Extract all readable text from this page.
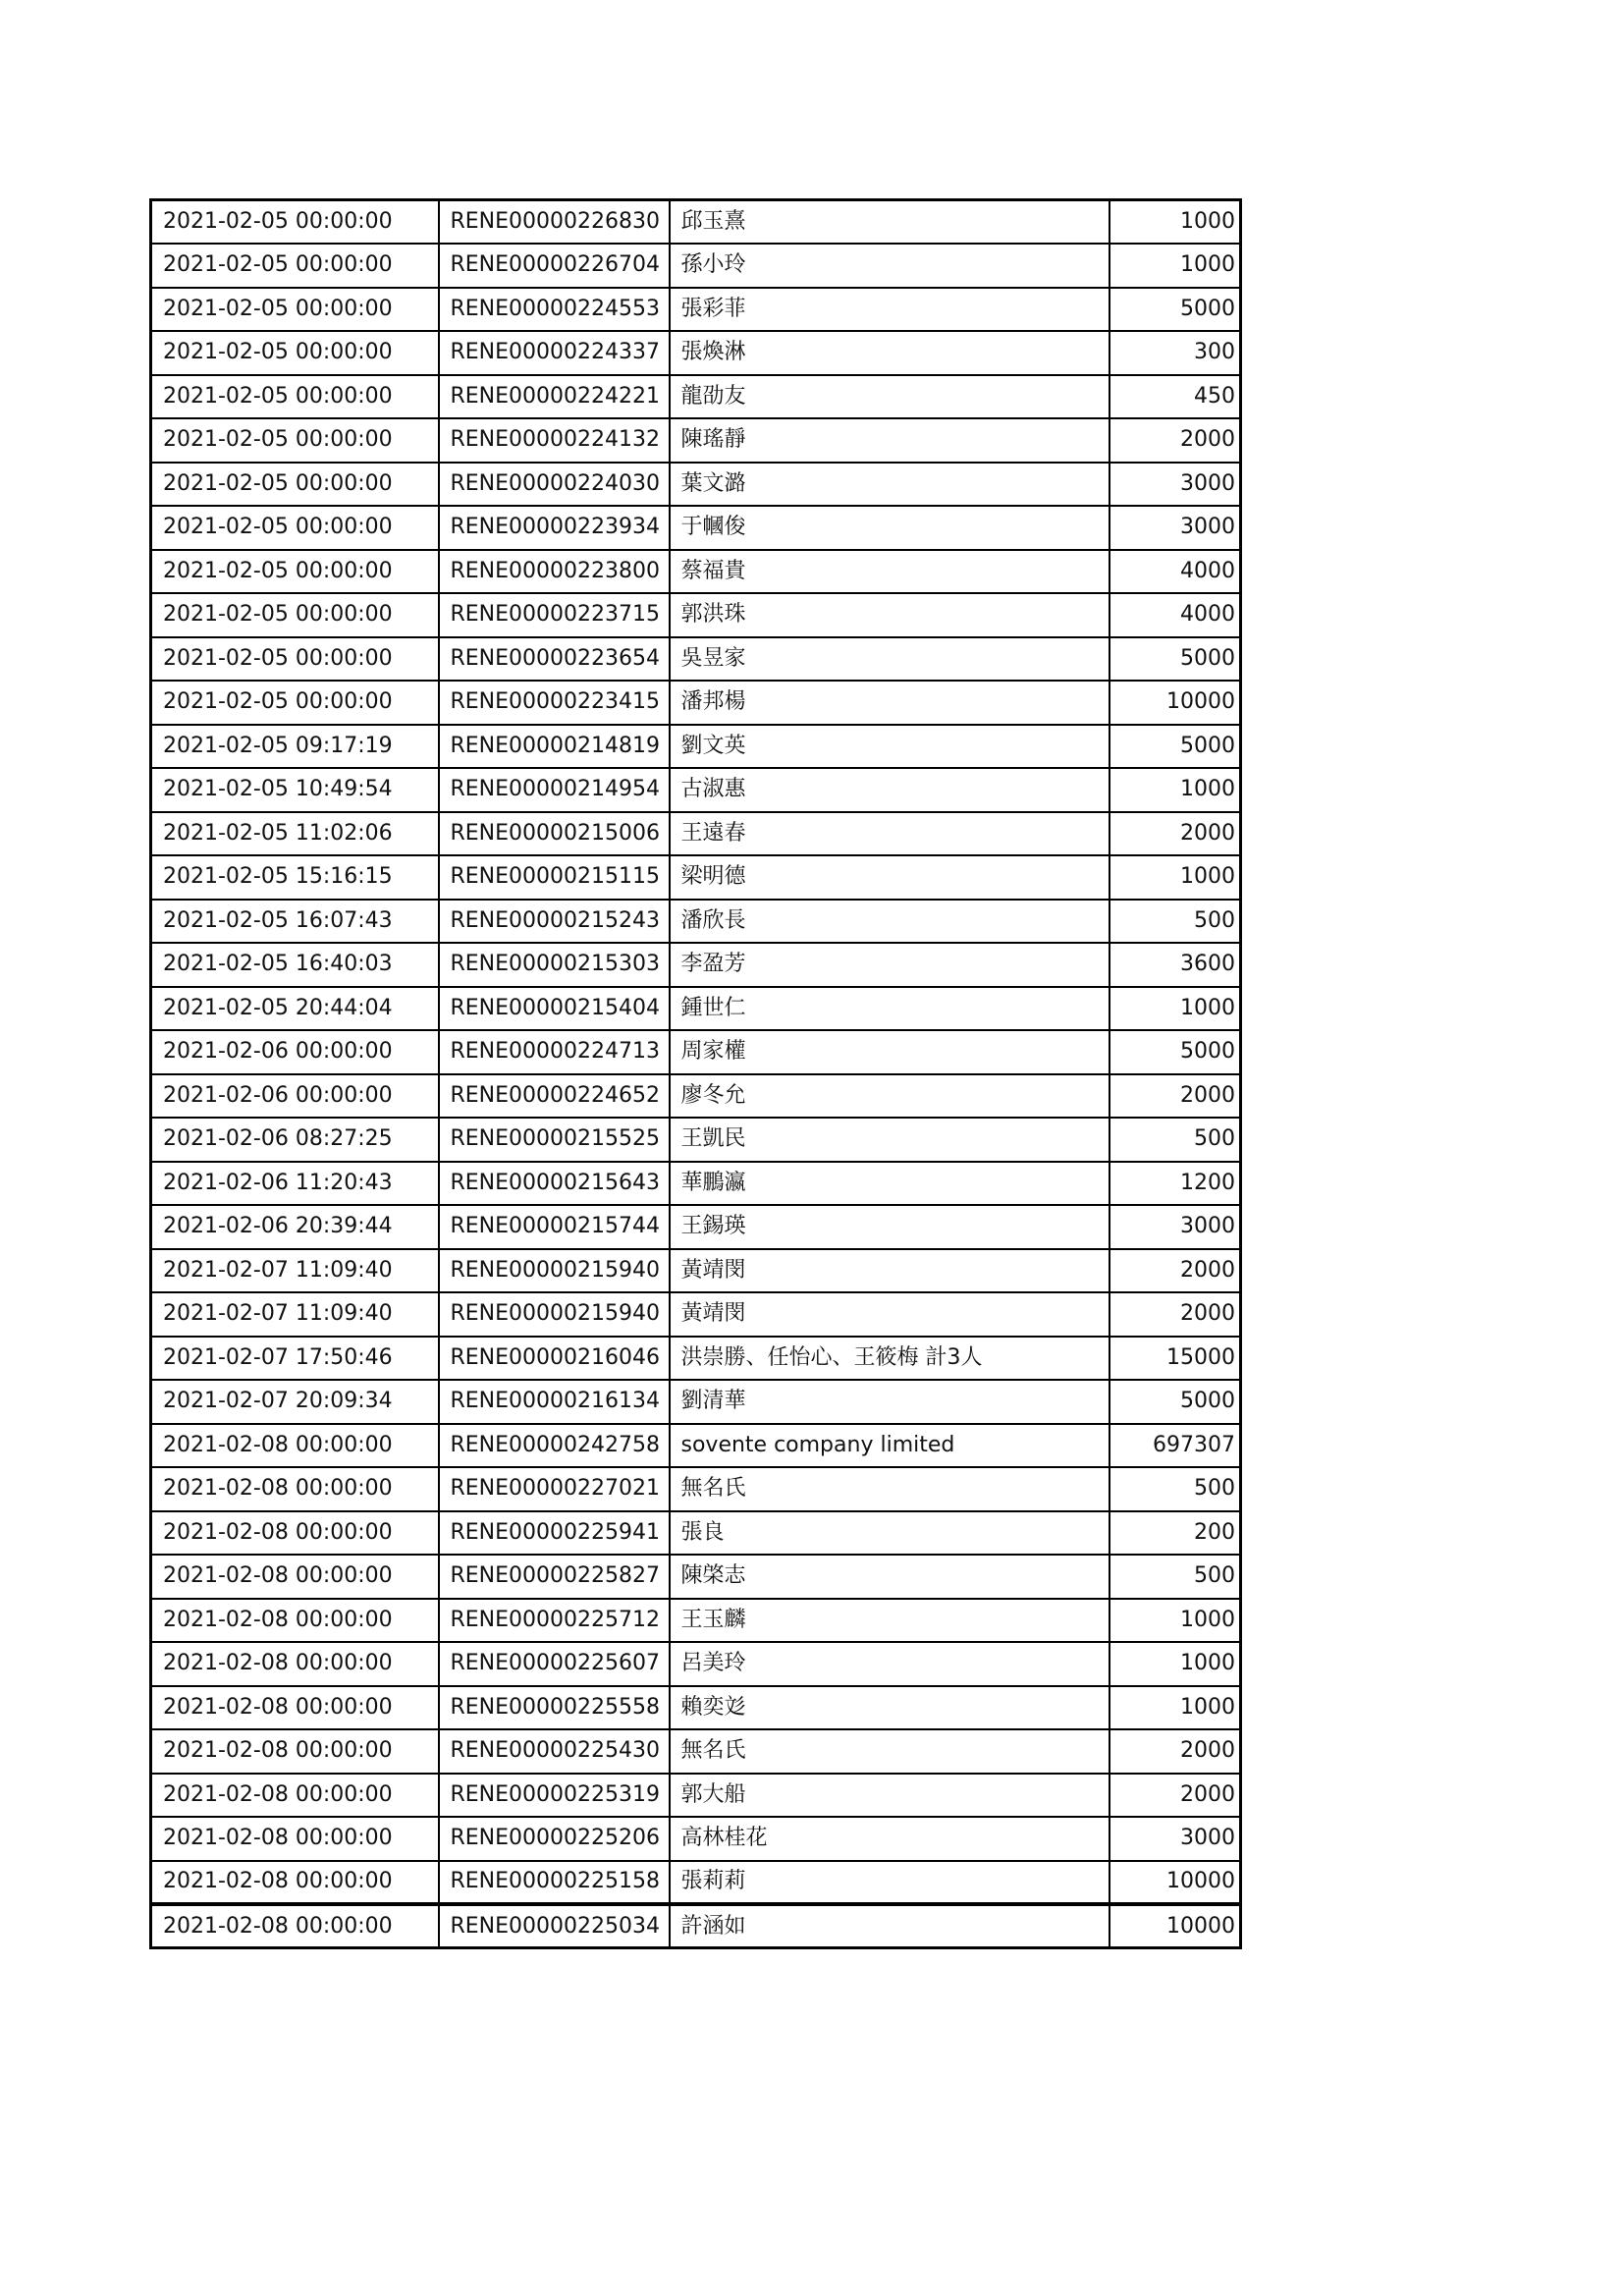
2021-02-05 00:00:00	RENE00000226830	邱玉熹	1000
2021-02-05 00:00:00	RENE00000226704	孫小玲	1000
2021-02-05 00:00:00	RENE00000224553	張彩菲	5000
2021-02-05 00:00:00	RENE00000224337	張煥淋	300
2021-02-05 00:00:00	RENE00000224221	龍劭友	450
2021-02-05 00:00:00	RENE00000224132	陳瑤靜	2000
2021-02-05 00:00:00	RENE00000224030	葉文潞	3000
2021-02-05 00:00:00	RENE00000223934	于幗俊	3000
2021-02-05 00:00:00	RENE00000223800	蔡福貴	4000
2021-02-05 00:00:00	RENE00000223715	郭洪珠	4000
2021-02-05 00:00:00	RENE00000223654	吳昱家	5000
2021-02-05 00:00:00	RENE00000223415	潘邦楊	10000
2021-02-05 09:17:19	RENE00000214819	劉文英	5000
2021-02-05 10:49:54	RENE00000214954	古淑惠	1000
2021-02-05 11:02:06	RENE00000215006	王遠春	2000
2021-02-05 15:16:15	RENE00000215115	梁明德	1000
2021-02-05 16:07:43	RENE00000215243	潘欣長	500
2021-02-05 16:40:03	RENE00000215303	李盈芳	3600
2021-02-05 20:44:04	RENE00000215404	鍾世仁	1000
2021-02-06 00:00:00	RENE00000224713	周家權	5000
2021-02-06 00:00:00	RENE00000224652	廖冬允	2000
2021-02-06 08:27:25	RENE00000215525	王凱民	500
2021-02-06 11:20:43	RENE00000215643	華鵬瀛	1200
2021-02-06 20:39:44	RENE00000215744	王錫瑛	3000
2021-02-07 11:09:40	RENE00000215940	黃靖閔	2000
2021-02-07 11:09:40	RENE00000215940	黃靖閔	2000
2021-02-07 17:50:46	RENE00000216046	洪崇勝、任怡心、王筱梅 計3人	15000
2021-02-07 20:09:34	RENE00000216134	劉清華	5000
2021-02-08 00:00:00	RENE00000242758	sovente company limited	697307
2021-02-08 00:00:00	RENE00000227021	無名氏	500
2021-02-08 00:00:00	RENE00000225941	張良	200
2021-02-08 00:00:00	RENE00000225827	陳棨志	500
2021-02-08 00:00:00	RENE00000225712	王玉麟	1000
2021-02-08 00:00:00	RENE00000225607	呂美玲	1000
2021-02-08 00:00:00	RENE00000225558	賴奕彣	1000
2021-02-08 00:00:00	RENE00000225430	無名氏	2000
2021-02-08 00:00:00	RENE00000225319	郭大船	2000
2021-02-08 00:00:00	RENE00000225206	高林桂花	3000
2021-02-08 00:00:00	RENE00000225158	張莉莉	10000
2021-02-08 00:00:00	RENE00000225034	許涵如	10000
